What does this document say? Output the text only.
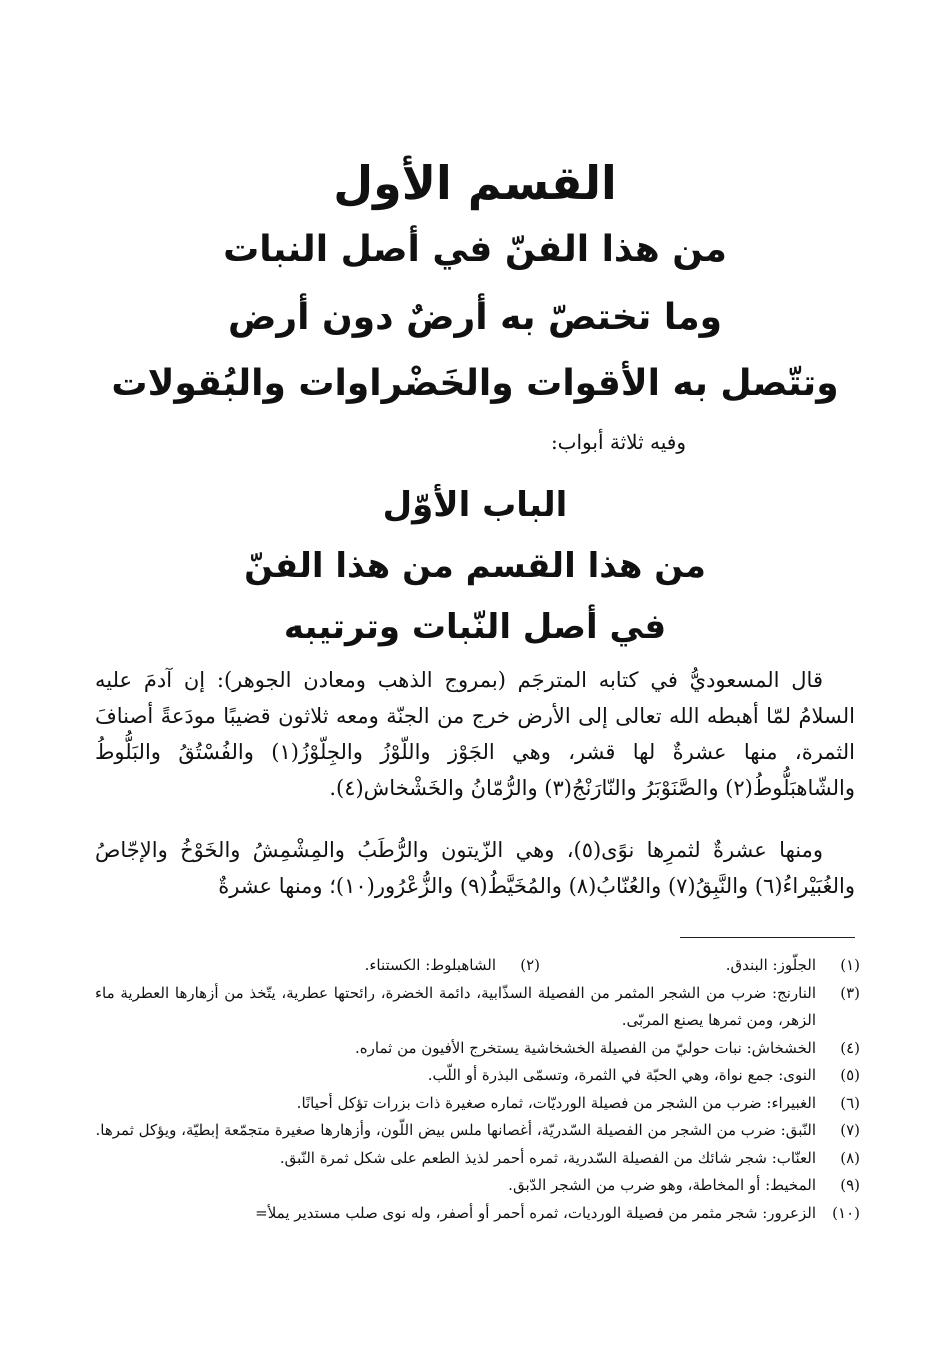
القسم الأول
من هذا الفنّ في أصل النبات
وما تختصّ به أرضٌ دون أرض
وتتّصل به الأقوات والخَضْراوات والبُقولات
وفيه ثلاثة أبواب:
الباب الأوّل
من هذا القسم من هذا الفنّ
في أصل النّبات وترتيبه

قال المسعوديُّ في كتابه المترجَم (بمروج الذهب ومعادن الجوهر): إن آدمَ عليه السلامُ لمّا أهبطه الله تعالى إلى الأرض خرج من الجنّة ومعه ثلاثون قضيبًا مودَعةً أصنافَ الثمرة، منها عشرةٌ لها قشر، وهي الجَوْز واللّوْزُ والجِلّوْزُ(١) والفُسْتُقُ والبَلُّوطُ والشّاهبَلُّوطُ(٢) والصَّنَوْبَرُ والنّارَنْجُ(٣) والرُّمّانُ والخَشْخاش(٤).

ومنها عشرةٌ لثمرِها نوًى(٥)، وهي الزّيتون والرُّطَبُ والمِشْمِشُ والخَوْخُ والإجّاصُ والغُبَيْراءُ(٦) والنَّبِقُ(٧) والعُنّابُ(٨) والمُخَيَّطُ(٩) والزُّعْرُور(١٠)؛ ومنها عشرةٌ

(١)
الجلّوز: البندق.
(٢)
الشاهبلوط: الكستناء.
(٣)
النارنج: ضرب من الشجر المثمر من الفصيلة السذّابية، دائمة الخضرة، رائحتها عطرية، يتّخذ من أزهارها العطرية ماء الزهر، ومن ثمرها يصنع المربّى.
(٤)
الخشخاش: نبات حوليّ من الفصيلة الخشخاشية يستخرج الأفيون من ثماره.
(٥)
النوى: جمع نواة، وهي الحبّة في الثمرة، وتسمّى البذرة أو اللّب.
(٦)
الغبيراء: ضرب من الشجر من فصيلة الورديّات، ثماره صغيرة ذات بزرات تؤكل أحيانًا.
(٧)
النّبق: ضرب من الشجر من الفصيلة السّدريّة، أغصانها ملس بيض اللّون، وأزهارها صغيرة متجمّعة إبطيّة، ويؤكل ثمرها.
(٨)
العنّاب: شجر شائك من الفصيلة السّدرية، ثمره أحمر لذيذ الطعم على شكل ثمرة النّبق.
(٩)
المخيط: أو المخاطة، وهو ضرب من الشجر الدّبق.
(١٠)
الزعرور: شجر مثمر من فصيلة الورديات، ثمره أحمر أو أصفر، وله نوى صلب مستدير يملأ=
